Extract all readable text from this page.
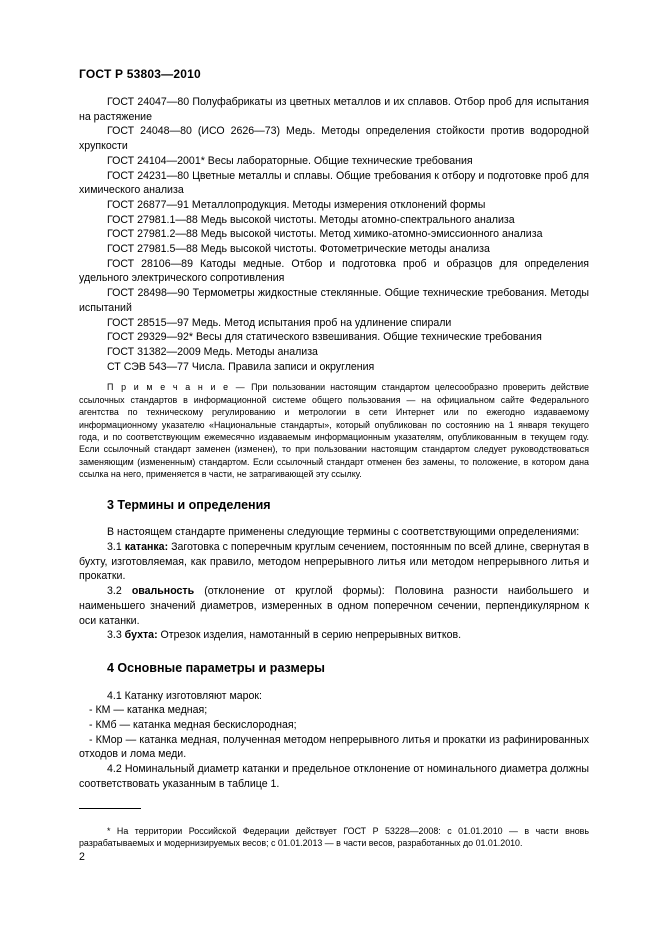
ГОСТ Р 53803—2010

ГОСТ 24047—80 Полуфабрикаты из цветных металлов и их сплавов. Отбор проб для испытания на растяжение

ГОСТ 24048—80 (ИСО 2626—73) Медь. Методы определения стойкости против водородной хрупкости

ГОСТ 24104—2001* Весы лабораторные. Общие технические требования

ГОСТ 24231—80 Цветные металлы и сплавы. Общие требования к отбору и подготовке проб для химического анализа

ГОСТ 26877—91 Металлопродукция. Методы измерения отклонений формы

ГОСТ 27981.1—88 Медь высокой чистоты. Методы атомно-спектрального анализа

ГОСТ 27981.2—88 Медь высокой чистоты. Метод химико-атомно-эмиссионного анализа

ГОСТ 27981.5—88 Медь высокой чистоты. Фотометрические методы анализа

ГОСТ 28106—89 Катоды медные. Отбор и подготовка проб и образцов для определения удельного электрического сопротивления

ГОСТ 28498—90 Термометры жидкостные стеклянные. Общие технические требования. Методы испытаний

ГОСТ 28515—97 Медь. Метод испытания проб на удлинение спирали

ГОСТ 29329—92* Весы для статического взвешивания. Общие технические требования

ГОСТ 31382—2009 Медь. Методы анализа

СТ СЭВ 543—77 Числа. Правила записи и округления

П р и м е ч а н и е — При пользовании настоящим стандартом целесообразно проверить действие ссылочных стандартов в информационной системе общего пользования — на официальном сайте Федерального агентства по техническому регулированию и метрологии в сети Интернет или по ежегодно издаваемому информационному указателю «Национальные стандарты», который опубликован по состоянию на 1 января текущего года, и по соответствующим ежемесячно издаваемым информационным указателям, опубликованным в текущем году. Если ссылочный стандарт заменен (изменен), то при пользовании настоящим стандартом следует руководствоваться заменяющим (измененным) стандартом. Если ссылочный стандарт отменен без замены, то положение, в котором дана ссылка на него, применяется в части, не затрагивающей эту ссылку.

3 Термины и определения

В настоящем стандарте применены следующие термины с соответствующими определениями:

3.1 катанка: Заготовка с поперечным круглым сечением, постоянным по всей длине, свернутая в бухту, изготовляемая, как правило, методом непрерывного литья или методом непрерывного литья и прокатки.

3.2 овальность (отклонение от круглой формы): Половина разности наибольшего и наименьшего значений диаметров, измеренных в одном поперечном сечении, перпендикулярном к оси катанки.

3.3 бухта: Отрезок изделия, намотанный в серию непрерывных витков.

4 Основные параметры и размеры

4.1 Катанку изготовляют марок:

- КМ — катанка медная;

- КМб — катанка медная бескислородная;

- КМор — катанка медная, полученная методом непрерывного литья и прокатки из рафинированных отходов и лома меди.

4.2 Номинальный диаметр катанки и предельное отклонение от номинального диаметра должны соответствовать указанным в таблице 1.

* На территории Российской Федерации действует ГОСТ Р 53228—2008: с 01.01.2010 — в части вновь разрабатываемых и модернизируемых весов; с 01.01.2013 — в части весов, разработанных до 01.01.2010.

2
